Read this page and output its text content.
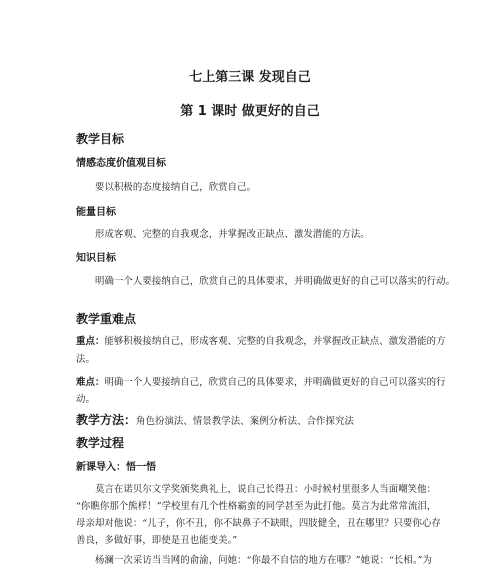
七上第三课 发现自己
第 1 课时 做更好的自己
教学目标
情感态度价值观目标
要以积极的态度接纳自己，欣赏自己。
能量目标
形成客观、完整的自我观念，并掌握改正缺点、激发潜能的方法。
知识目标
明确一个人要接纳自己，欣赏自己的具体要求，并明确做更好的自己可以落实的行动。
教学重难点
重点：能够积极接纳自己，形成客观、完整的自我观念，并掌握改正缺点、激发潜能的方
法。
难点：明确一个人要接纳自己，欣赏自己的具体要求，并明确做更好的自己可以落实的行
动。
教学方法：角色扮演法、情景教学法、案例分析法、合作探究法
教学过程
新课导入：悟一悟
莫言在诺贝尔文学奖颁奖典礼上，说自己长得丑：小时候村里很多人当面嘲笑他：
“你瞧你那个熊样！”学校里有几个性格霸蛮的同学甚至为此打他。莫言为此常常流泪，
母亲却对他说：“儿子，你不丑，你不缺鼻子不缺眼，四肢健全，丑在哪里？只要你心存
善良，多做好事，即使是丑也能变美。”
杨澜一次采访当当网的俞渝，问她：“你最不自信的地方在哪？”她说：“长相。”为
